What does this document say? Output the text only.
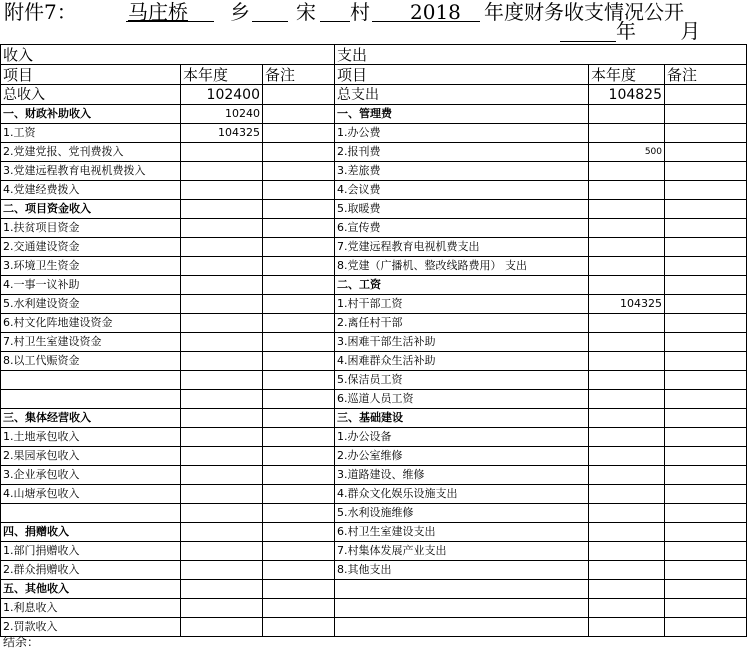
附件7：	马庄桥 乡 宋 村 2018 年度财务收支情况公开
年 月
收入			支出		
项目	本年度	备注	项目	本年度	备注
总收入	102400		总支出	104825	
一、财政补助收入	10240		一、管理费		
1.工资	104325		1.办公费		
2.党建党报、党刊费拨入			2.报刊费	500	
3.党建远程教育电视机费拨入			3.差旅费		
4.党建经费拨入			4.会议费		
二、项目资金收入			5.取暖费		
1.扶贫项目资金			6.宣传费		
2.交通建设资金			7.党建远程教育电视机费支出		
3.环境卫生资金			8.党建（广播机、整改线路费用） 支出		
4.一事一议补助			二、工资		
5.水利建设资金			1.村干部工资	104325	
6.村文化阵地建设资金			2.离任村干部		
7.村卫生室建设资金			3.困难干部生活补助		
8.以工代赈资金			4.困难群众生活补助		
			5.保洁员工资		
			6.巡道人员工资		
三、集体经营收入			三、基础建设		
1.土地承包收入			1.办公设备		
2.果园承包收入			2.办公室维修		
3.企业承包收入			3.道路建设、维修		
4.山塘承包收入			4.群众文化娱乐设施支出		
			5.水利设施维修		
四、捐赠收入			6.村卫生室建设支出		
1.部门捐赠收入			7.村集体发展产业支出		
2.群众捐赠收入			8.其他支出		
五、其他收入					
1.利息收入					
2.罚款收入					
结余：
